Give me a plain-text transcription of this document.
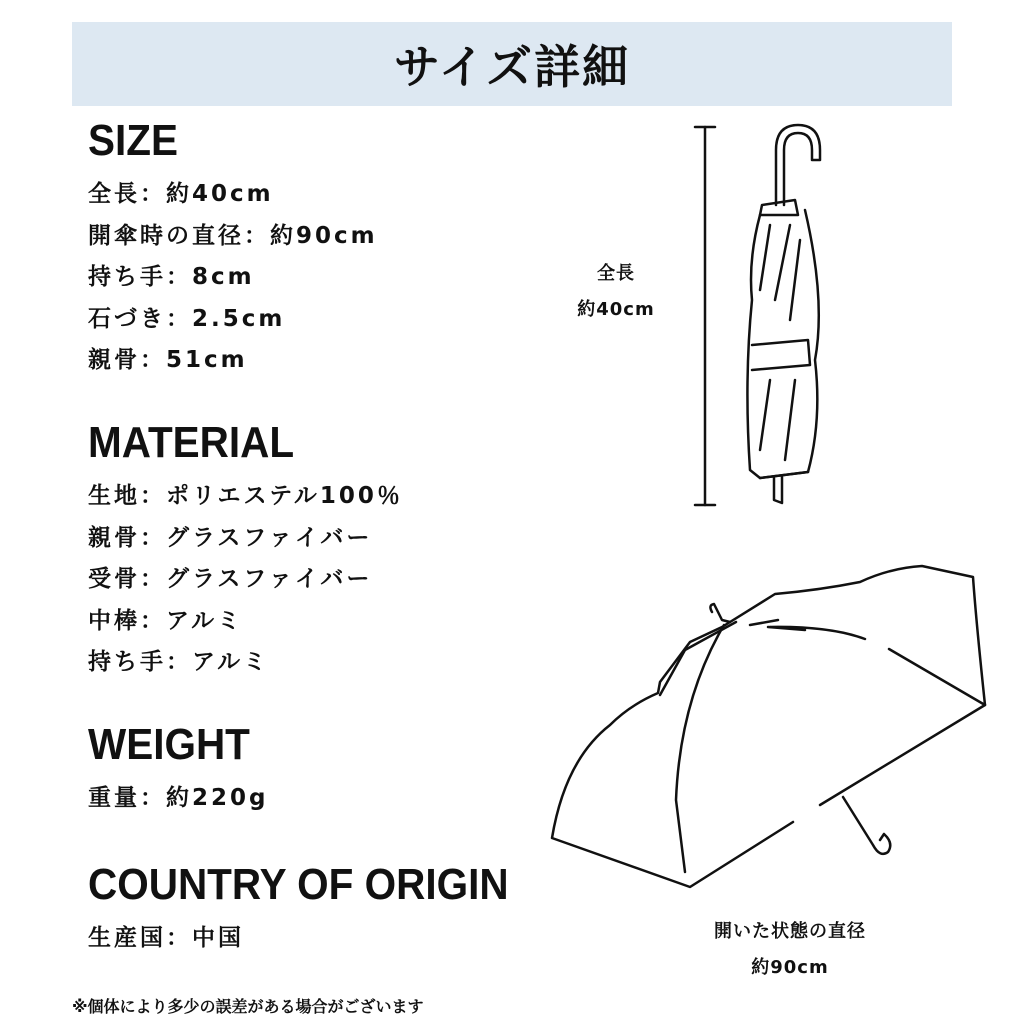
サイズ詳細
SIZE
全長：約40cm
開傘時の直径：約90cm
持ち手：8cm
石づき：2.5cm
親骨：51cm
MATERIAL
生地：ポリエステル100％
親骨：グラスファイバー
受骨：グラスファイバー
中棒：アルミ
持ち手：アルミ
WEIGHT
重量：約220g
COUNTRY OF ORIGIN
生産国：中国
※個体により多少の誤差がある場合がございます
全長
約40cm
開いた状態の直径
約90cm
